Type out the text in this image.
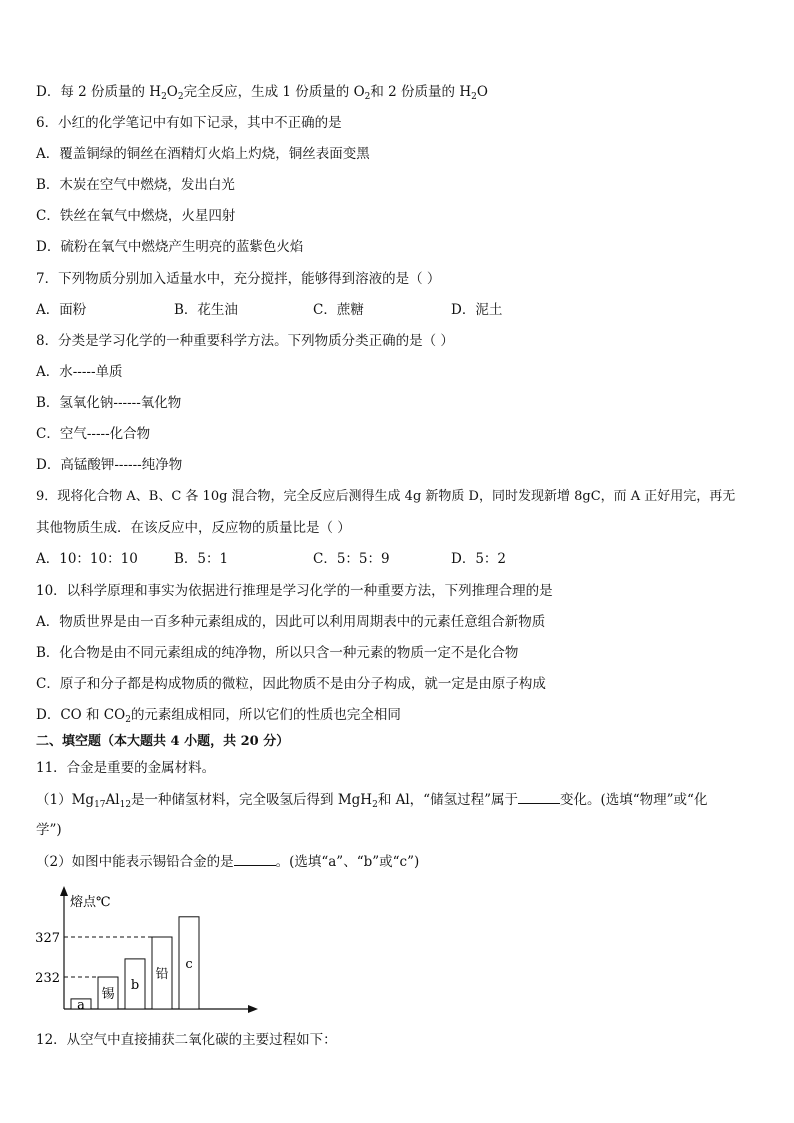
D．每 2 份质量的 $H_2O_2$完全反应，生成 1 份质量的 $O_2$和 2 份质量的 $H_2O$
6．小红的化学笔记中有如下记录，其中不正确的是
A．覆盖铜绿的铜丝在酒精灯火焰上灼烧，铜丝表面变黑
B．木炭在空气中燃烧，发出白光
C．铁丝在氧气中燃烧，火星四射
D．硫粉在氧气中燃烧产生明亮的蓝紫色火焰
7．下列物质分别加入适量水中，充分搅拌，能够得到溶液的是（ ）
A．面粉	B．花生油	C．蔗糖	D．泥土
8．分类是学习化学的一种重要科学方法。下列物质分类正确的是（ ）
A．水-----单质
B．氢氧化钠------氧化物
C．空气-----化合物
D．高锰酸钾------纯净物
9．现将化合物 A、B、C 各 10g 混合物，完全反应后测得生成 4g 新物质 D，同时发现新增 8gC，而 A 正好用完，再无
其他物质生成．在该反应中，反应物的质量比是（ ）
A．10：10：10	B．5：1	C．5：5：9	D．5：2
10．以科学原理和事实为依据进行推理是学习化学的一种重要方法，下列推理合理的是
A．物质世界是由一百多种元素组成的，因此可以利用周期表中的元素任意组合新物质
B．化合物是由不同元素组成的纯净物，所以只含一种元素的物质一定不是化合物
C．原子和分子都是构成物质的微粒，因此物质不是由分子构成，就一定是由原子构成
D．CO 和 $CO_2$的元素组成相同，所以它们的性质也完全相同
二、填空题（本大题共 4 小题，共 20 分）
11．合金是重要的金属材料。
$(1)Mg_{17}Al_{12}$是一种储氢材料，完全吸氢后得到 MgH$_2$和 Al，“储氢过程”属于	变化。(选填“物理”或“化
学”)
（2）如图中能表示锡铅合金的是	。(选填“a”、“b”或“c”)
熔点℃
232
327
a
锡
b
铅
c
12．从空气中直接捕获二氧化碳的主要过程如下：
